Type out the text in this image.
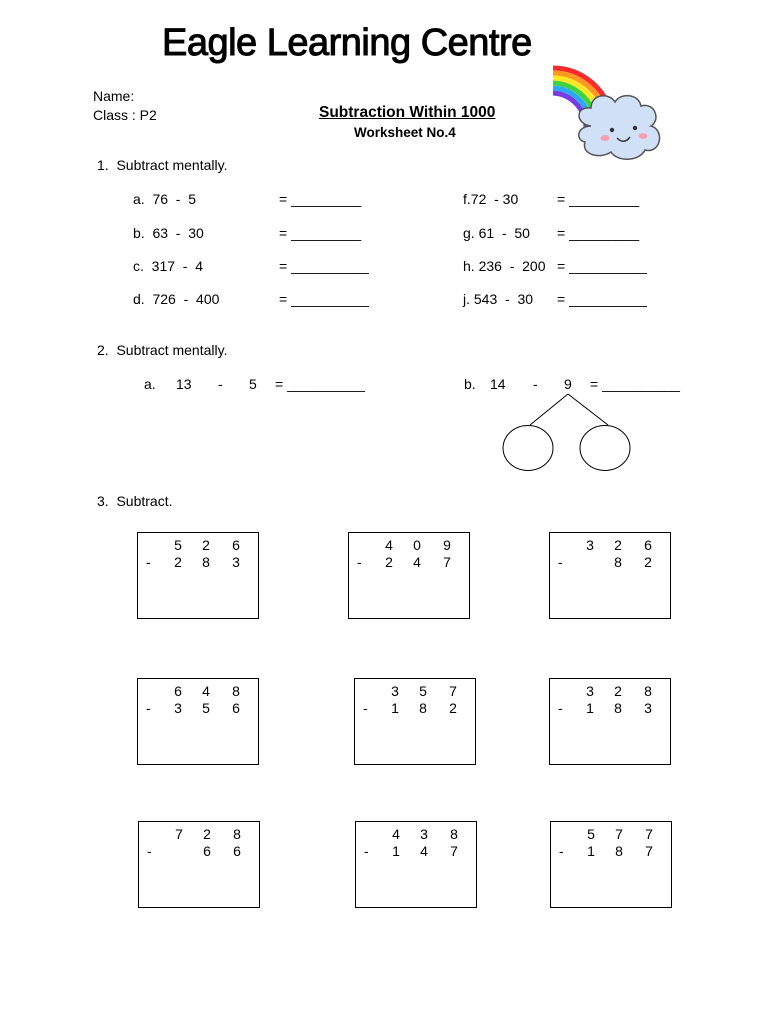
Eagle Learning Centre
Name:
Class : P2	Subtraction Within 1000
Worksheet No.4
1.  Subtract mentally.
a.  76  -  5	= _________
b.  63  -  30	= _________
c.  317  -  4	= __________
d.  726  -  400	= __________
f.72  - 30	= _________
g. 61  -  50 = _________
h. 236  -  200 = __________
j. 543  -  30 = __________
2.  Subtract mentally.
a. 13 - 5 = __________	b. 14 - 9 = __________
3.  Subtract.
5 2 6
- 2 8 3
4 0 9
- 2 4 7
3 2 6
-	8 2
6 4 8
- 3 5 6
3 5 7
- 1 8 2
3 2 8
- 1 8 3
7 2 8
-	6 6
4 3 8
- 1 4 7
5 7 7
- 1 8 7
